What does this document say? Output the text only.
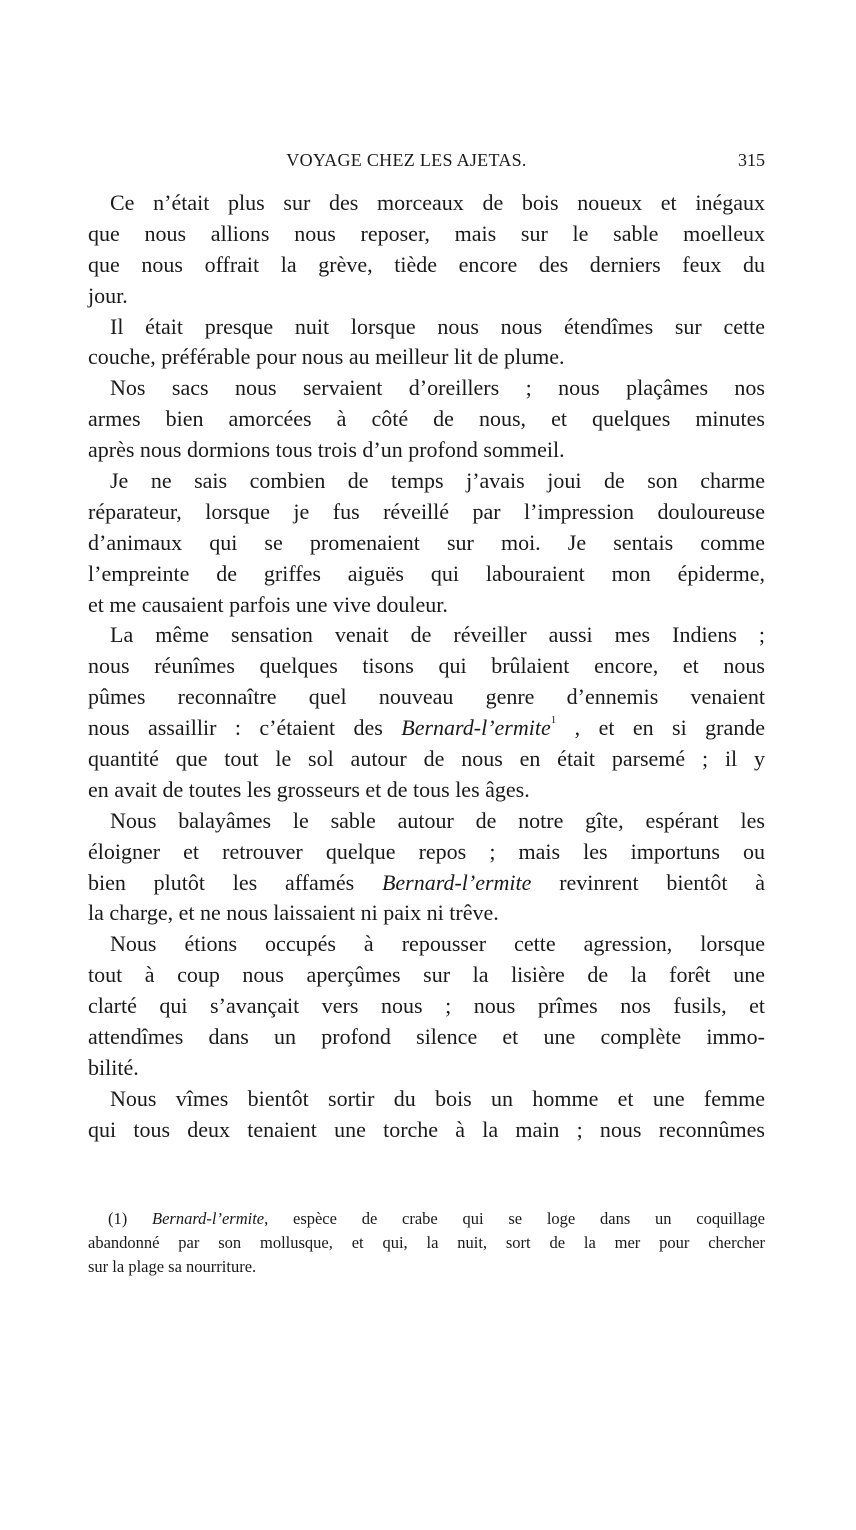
VOYAGE CHEZ LES AJETAS.	315
Ce n’était plus sur des morceaux de bois noueux et inégaux
que nous allions nous reposer, mais sur le sable moelleux
que nous offrait la grève, tiède encore des derniers feux du
jour.
Il était presque nuit lorsque nous nous étendîmes sur cette
couche, préférable pour nous au meilleur lit de plume.
Nos sacs nous servaient d’oreillers ; nous plaçâmes nos
armes bien amorcées à côté de nous, et quelques minutes
après nous dormions tous trois d’un profond sommeil.
Je ne sais combien de temps j’avais joui de son charme
réparateur, lorsque je fus réveillé par l’impression douloureuse
d’animaux qui se promenaient sur moi. Je sentais comme
l’empreinte de griffes aiguës qui labouraient mon épiderme,
et me causaient parfois une vive douleur.
La même sensation venait de réveiller aussi mes Indiens ;
nous réunîmes quelques tisons qui brûlaient encore, et nous
pûmes reconnaître quel nouveau genre d’ennemis venaient
nous assaillir : c’étaient des Bernard-l’ermite$^1$ , et en si grande
quantité que tout le sol autour de nous en était parsemé ; il y
en avait de toutes les grosseurs et de tous les âges.
Nous balayâmes le sable autour de notre gîte, espérant les
éloigner et retrouver quelque repos ; mais les importuns ou
bien plutôt les affamés Bernard-l’ermite revinrent bientôt à
la charge, et ne nous laissaient ni paix ni trêve.
Nous étions occupés à repousser cette agression, lorsque
tout à coup nous aperçûmes sur la lisière de la forêt une
clarté qui s’avançait vers nous ; nous prîmes nos fusils, et
attendîmes dans un profond silence et une complète immo-
bilité.
Nous vîmes bientôt sortir du bois un homme et une femme
qui tous deux tenaient une torche à la main ; nous reconnûmes
(1) Bernard-l’ermite, espèce de crabe qui se loge dans un coquillage
abandonné par son mollusque, et qui, la nuit, sort de la mer pour chercher
sur la plage sa nourriture.
